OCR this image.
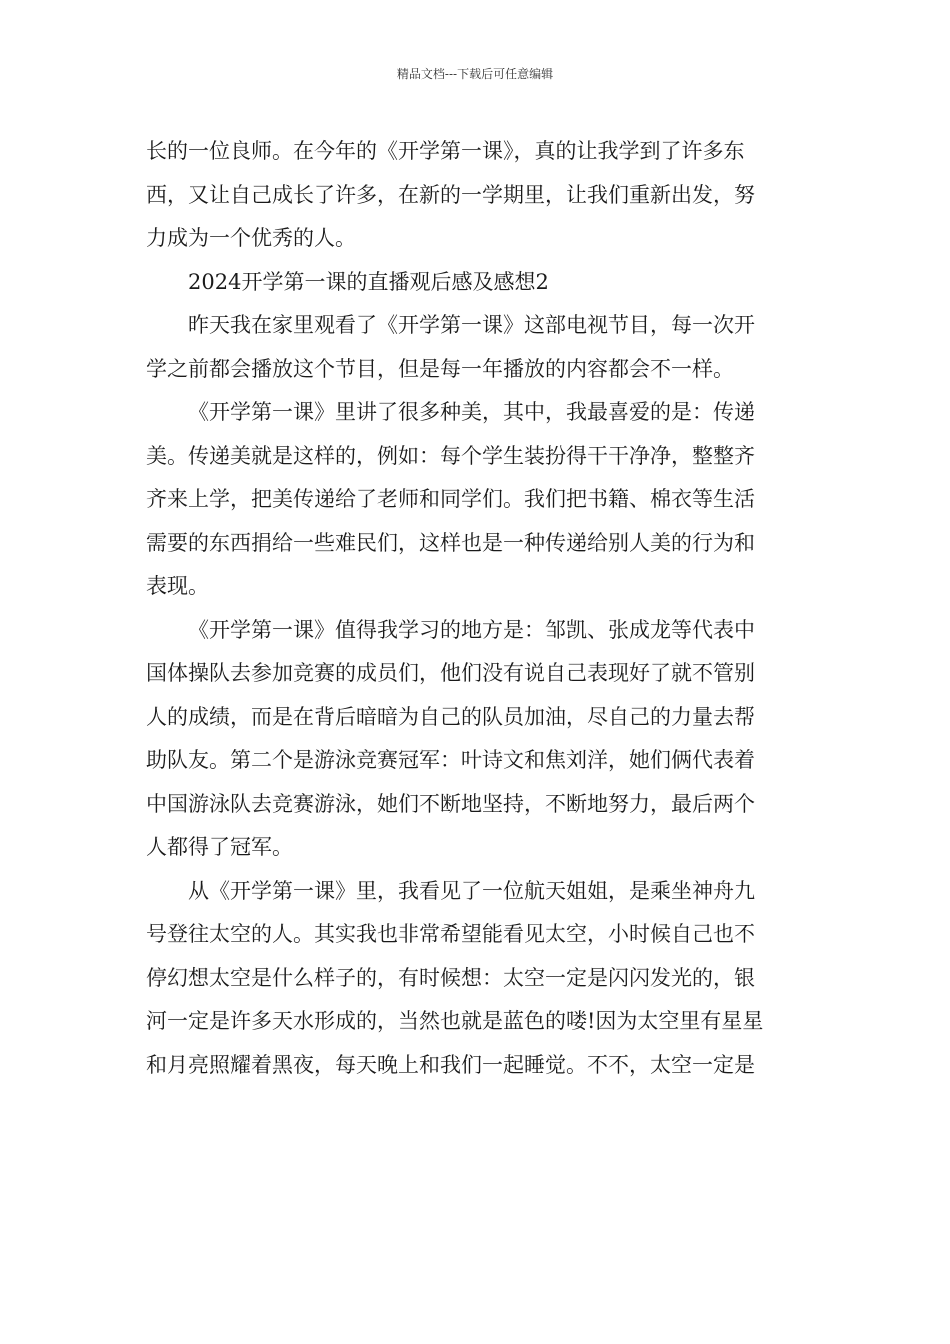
精品文档---下载后可任意编辑

长的一位良师。在今年的《开学第一课》，真的让我学到了许多东
西，又让自己成长了许多，在新的一学期里，让我们重新出发，努
力成为一个优秀的人。

2024开学第一课的直播观后感及感想2

昨天我在家里观看了《开学第一课》这部电视节目，每一次开
学之前都会播放这个节目，但是每一年播放的内容都会不一样。

《开学第一课》里讲了很多种美，其中，我最喜爱的是：传递
美。传递美就是这样的，例如：每个学生装扮得干干净净，整整齐
齐来上学，把美传递给了老师和同学们。我们把书籍、棉衣等生活
需要的东西捐给一些难民们，这样也是一种传递给别人美的行为和
表现。

《开学第一课》值得我学习的地方是：邹凯、张成龙等代表中
国体操队去参加竞赛的成员们，他们没有说自己表现好了就不管别
人的成绩，而是在背后暗暗为自己的队员加油，尽自己的力量去帮
助队友。第二个是游泳竞赛冠军：叶诗文和焦刘洋，她们俩代表着
中国游泳队去竞赛游泳，她们不断地坚持，不断地努力，最后两个
人都得了冠军。

从《开学第一课》里，我看见了一位航天姐姐，是乘坐神舟九
号登往太空的人。其实我也非常希望能看见太空，小时候自己也不
停幻想太空是什么样子的，有时候想：太空一定是闪闪发光的，银
河一定是许多天水形成的，当然也就是蓝色的喽!因为太空里有星星
和月亮照耀着黑夜，每天晚上和我们一起睡觉。不不，太空一定是
